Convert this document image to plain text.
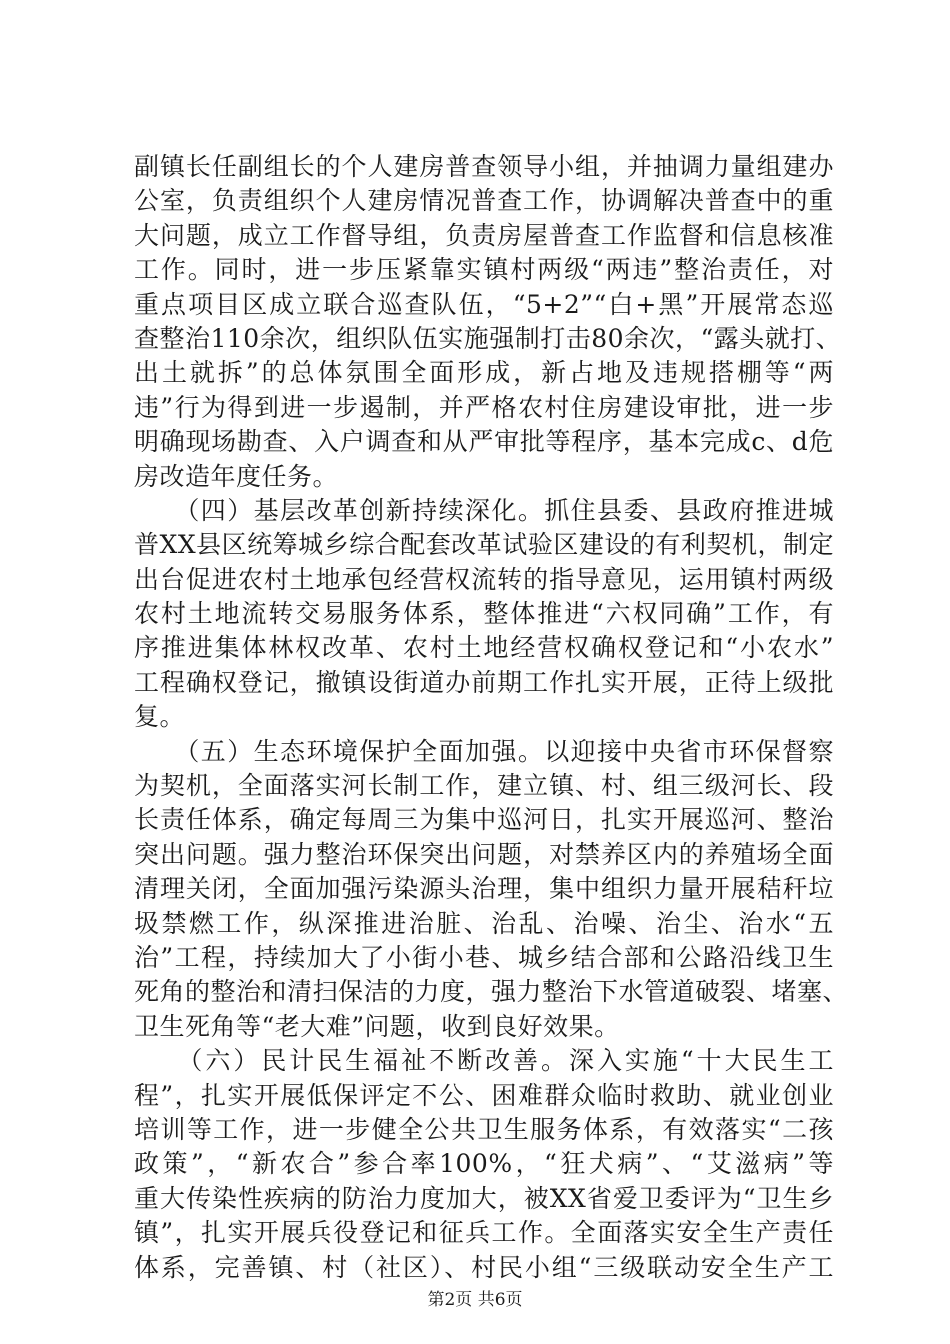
副镇长任副组长的个人建房普查领导小组，并抽调力量组建办
公室，负责组织个人建房情况普查工作，协调解决普查中的重
大问题，成立工作督导组，负责房屋普查工作监督和信息核准
工作。同时，进一步压紧靠实镇村两级“两违”整治责任，对
重点项目区成立联合巡查队伍，“5+2”“白+黑”开展常态巡
查整治110余次，组织队伍实施强制打击80余次，“露头就打、
出土就拆”的总体氛围全面形成，新占地及违规搭棚等“两
违”行为得到进一步遏制，并严格农村住房建设审批，进一步
明确现场勘查、入户调查和从严审批等程序，基本完成c、d危
房改造年度任务。
　　（四）基层改革创新持续深化。抓住县委、县政府推进城
普XX县区统筹城乡综合配套改革试验区建设的有利契机，制定
出台促进农村土地承包经营权流转的指导意见，运用镇村两级
农村土地流转交易服务体系，整体推进“六权同确”工作，有
序推进集体林权改革、农村土地经营权确权登记和“小农水”
工程确权登记，撤镇设街道办前期工作扎实开展，正待上级批
复。
　　（五）生态环境保护全面加强。以迎接中央省市环保督察
为契机，全面落实河长制工作，建立镇、村、组三级河长、段
长责任体系，确定每周三为集中巡河日，扎实开展巡河、整治
突出问题。强力整治环保突出问题，对禁养区内的养殖场全面
清理关闭，全面加强污染源头治理，集中组织力量开展秸秆垃
圾禁燃工作，纵深推进治脏、治乱、治噪、治尘、治水“五
治”工程，持续加大了小街小巷、城乡结合部和公路沿线卫生
死角的整治和清扫保洁的力度，强力整治下水管道破裂、堵塞、
卫生死角等“老大难”问题，收到良好效果。
　　（六）民计民生福祉不断改善。深入实施“十大民生工
程”，扎实开展低保评定不公、困难群众临时救助、就业创业
培训等工作，进一步健全公共卫生服务体系，有效落实“二孩
政策”，“新农合”参合率100%，“狂犬病”、“艾滋病”等
重大传染性疾病的防治力度加大，被XX省爱卫委评为“卫生乡
镇”，扎实开展兵役登记和征兵工作。全面落实安全生产责任
体系，完善镇、村（社区）、村民小组“三级联动安全生产工
第2页 共6页
